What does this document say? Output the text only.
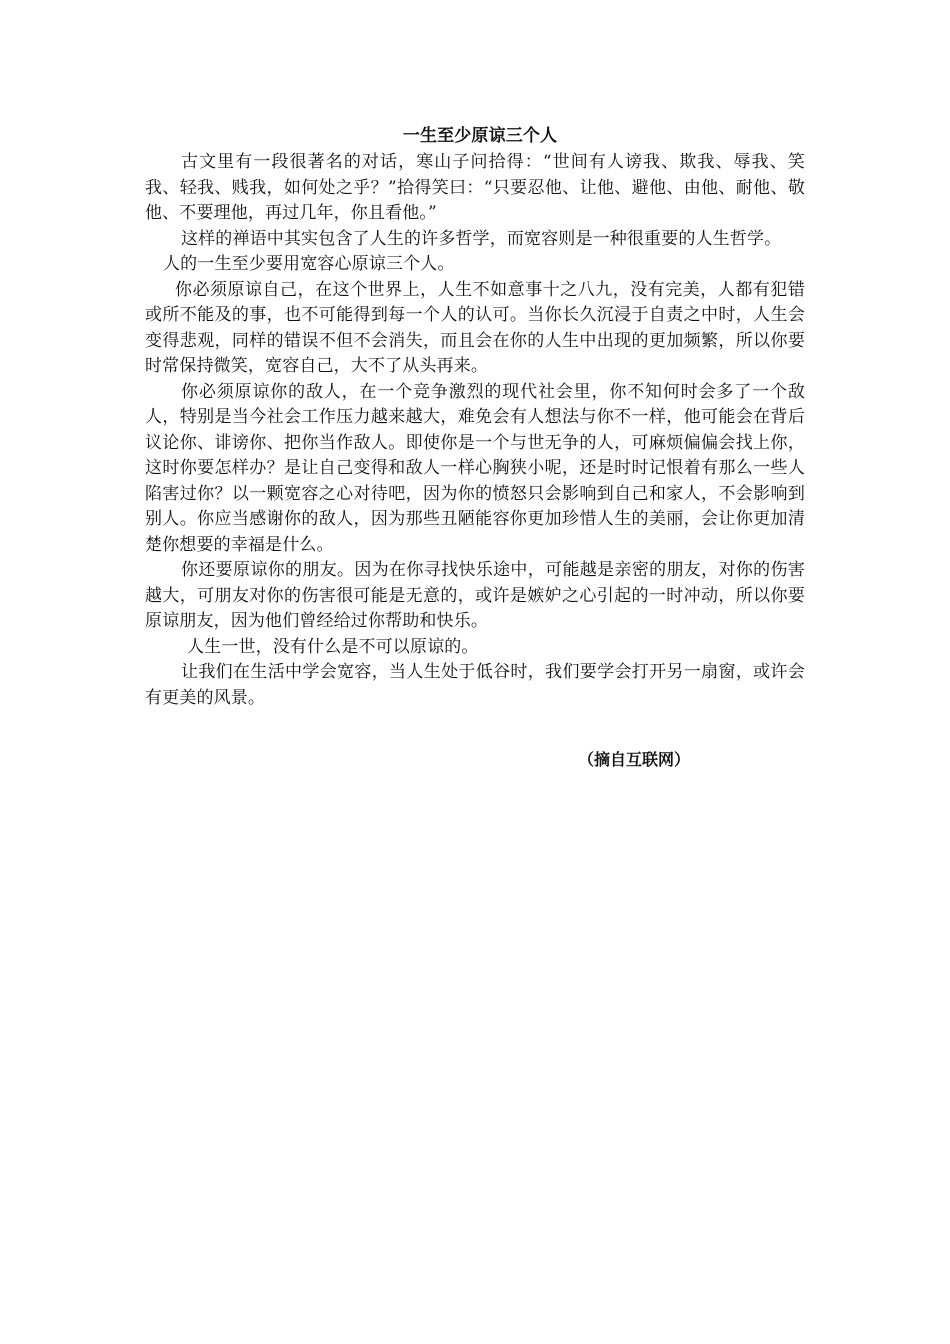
一生至少原谅三个人

古文里有一段很著名的对话，寒山子问拾得：“世间有人谤我、欺我、辱我、笑我、轻我、贱我，如何处之乎？”拾得笑曰：“只要忍他、让他、避他、由他、耐他、敬他、不要理他，再过几年，你且看他。”

这样的禅语中其实包含了人生的许多哲学，而宽容则是一种很重要的人生哲学。

人的一生至少要用宽容心原谅三个人。

你必须原谅自己，在这个世界上，人生不如意事十之八九，没有完美，人都有犯错或所不能及的事，也不可能得到每一个人的认可。当你长久沉浸于自责之中时，人生会变得悲观，同样的错误不但不会消失，而且会在你的人生中出现的更加频繁，所以你要时常保持微笑，宽容自己，大不了从头再来。

你必须原谅你的敌人，在一个竞争激烈的现代社会里，你不知何时会多了一个敌人，特别是当今社会工作压力越来越大，难免会有人想法与你不一样，他可能会在背后议论你、诽谤你、把你当作敌人。即使你是一个与世无争的人，可麻烦偏偏会找上你，这时你要怎样办？是让自己变得和敌人一样心胸狭小呢，还是时时记恨着有那么一些人陷害过你？以一颗宽容之心对待吧，因为你的愤怒只会影响到自己和家人，不会影响到别人。你应当感谢你的敌人，因为那些丑陋能容你更加珍惜人生的美丽，会让你更加清楚你想要的幸福是什么。

你还要原谅你的朋友。因为在你寻找快乐途中，可能越是亲密的朋友，对你的伤害越大，可朋友对你的伤害很可能是无意的，或许是嫉妒之心引起的一时冲动，所以你要原谅朋友，因为他们曾经给过你帮助和快乐。

人生一世，没有什么是不可以原谅的。

让我们在生活中学会宽容，当人生处于低谷时，我们要学会打开另一扇窗，或许会有更美的风景。

（摘自互联网）
